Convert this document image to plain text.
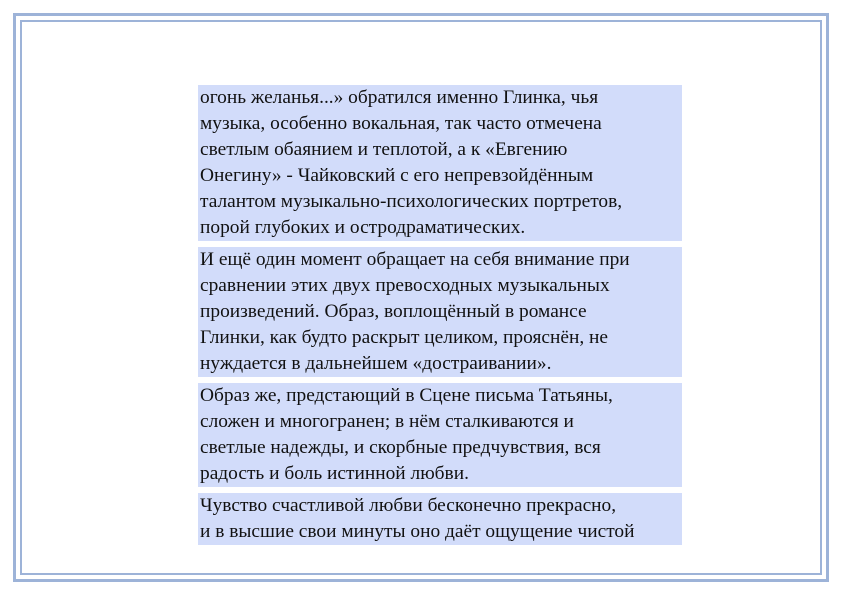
огонь желанья...» обратился именно Глинка, чья
музыка, особенно вокальная, так часто отмечена
светлым обаянием и теплотой, а к «Евгению
Онегину» - Чайковский с его непревзойдённым
талантом музыкально-психологических портретов,
порой глубоких и остродраматических.

И ещё один момент обращает на себя внимание при
сравнении этих двух превосходных музыкальных
произведений. Образ, воплощённый в романсе
Глинки, как будто раскрыт целиком, прояснён, не
нуждается в дальнейшем «достраивании».

Образ же, предстающий в Сцене письма Татьяны,
сложен и многогранен; в нём сталкиваются и
светлые надежды, и скорбные предчувствия, вся
радость и боль истинной любви.

Чувство счастливой любви бесконечно прекрасно,
и в высшие свои минуты оно даёт ощущение чистой
